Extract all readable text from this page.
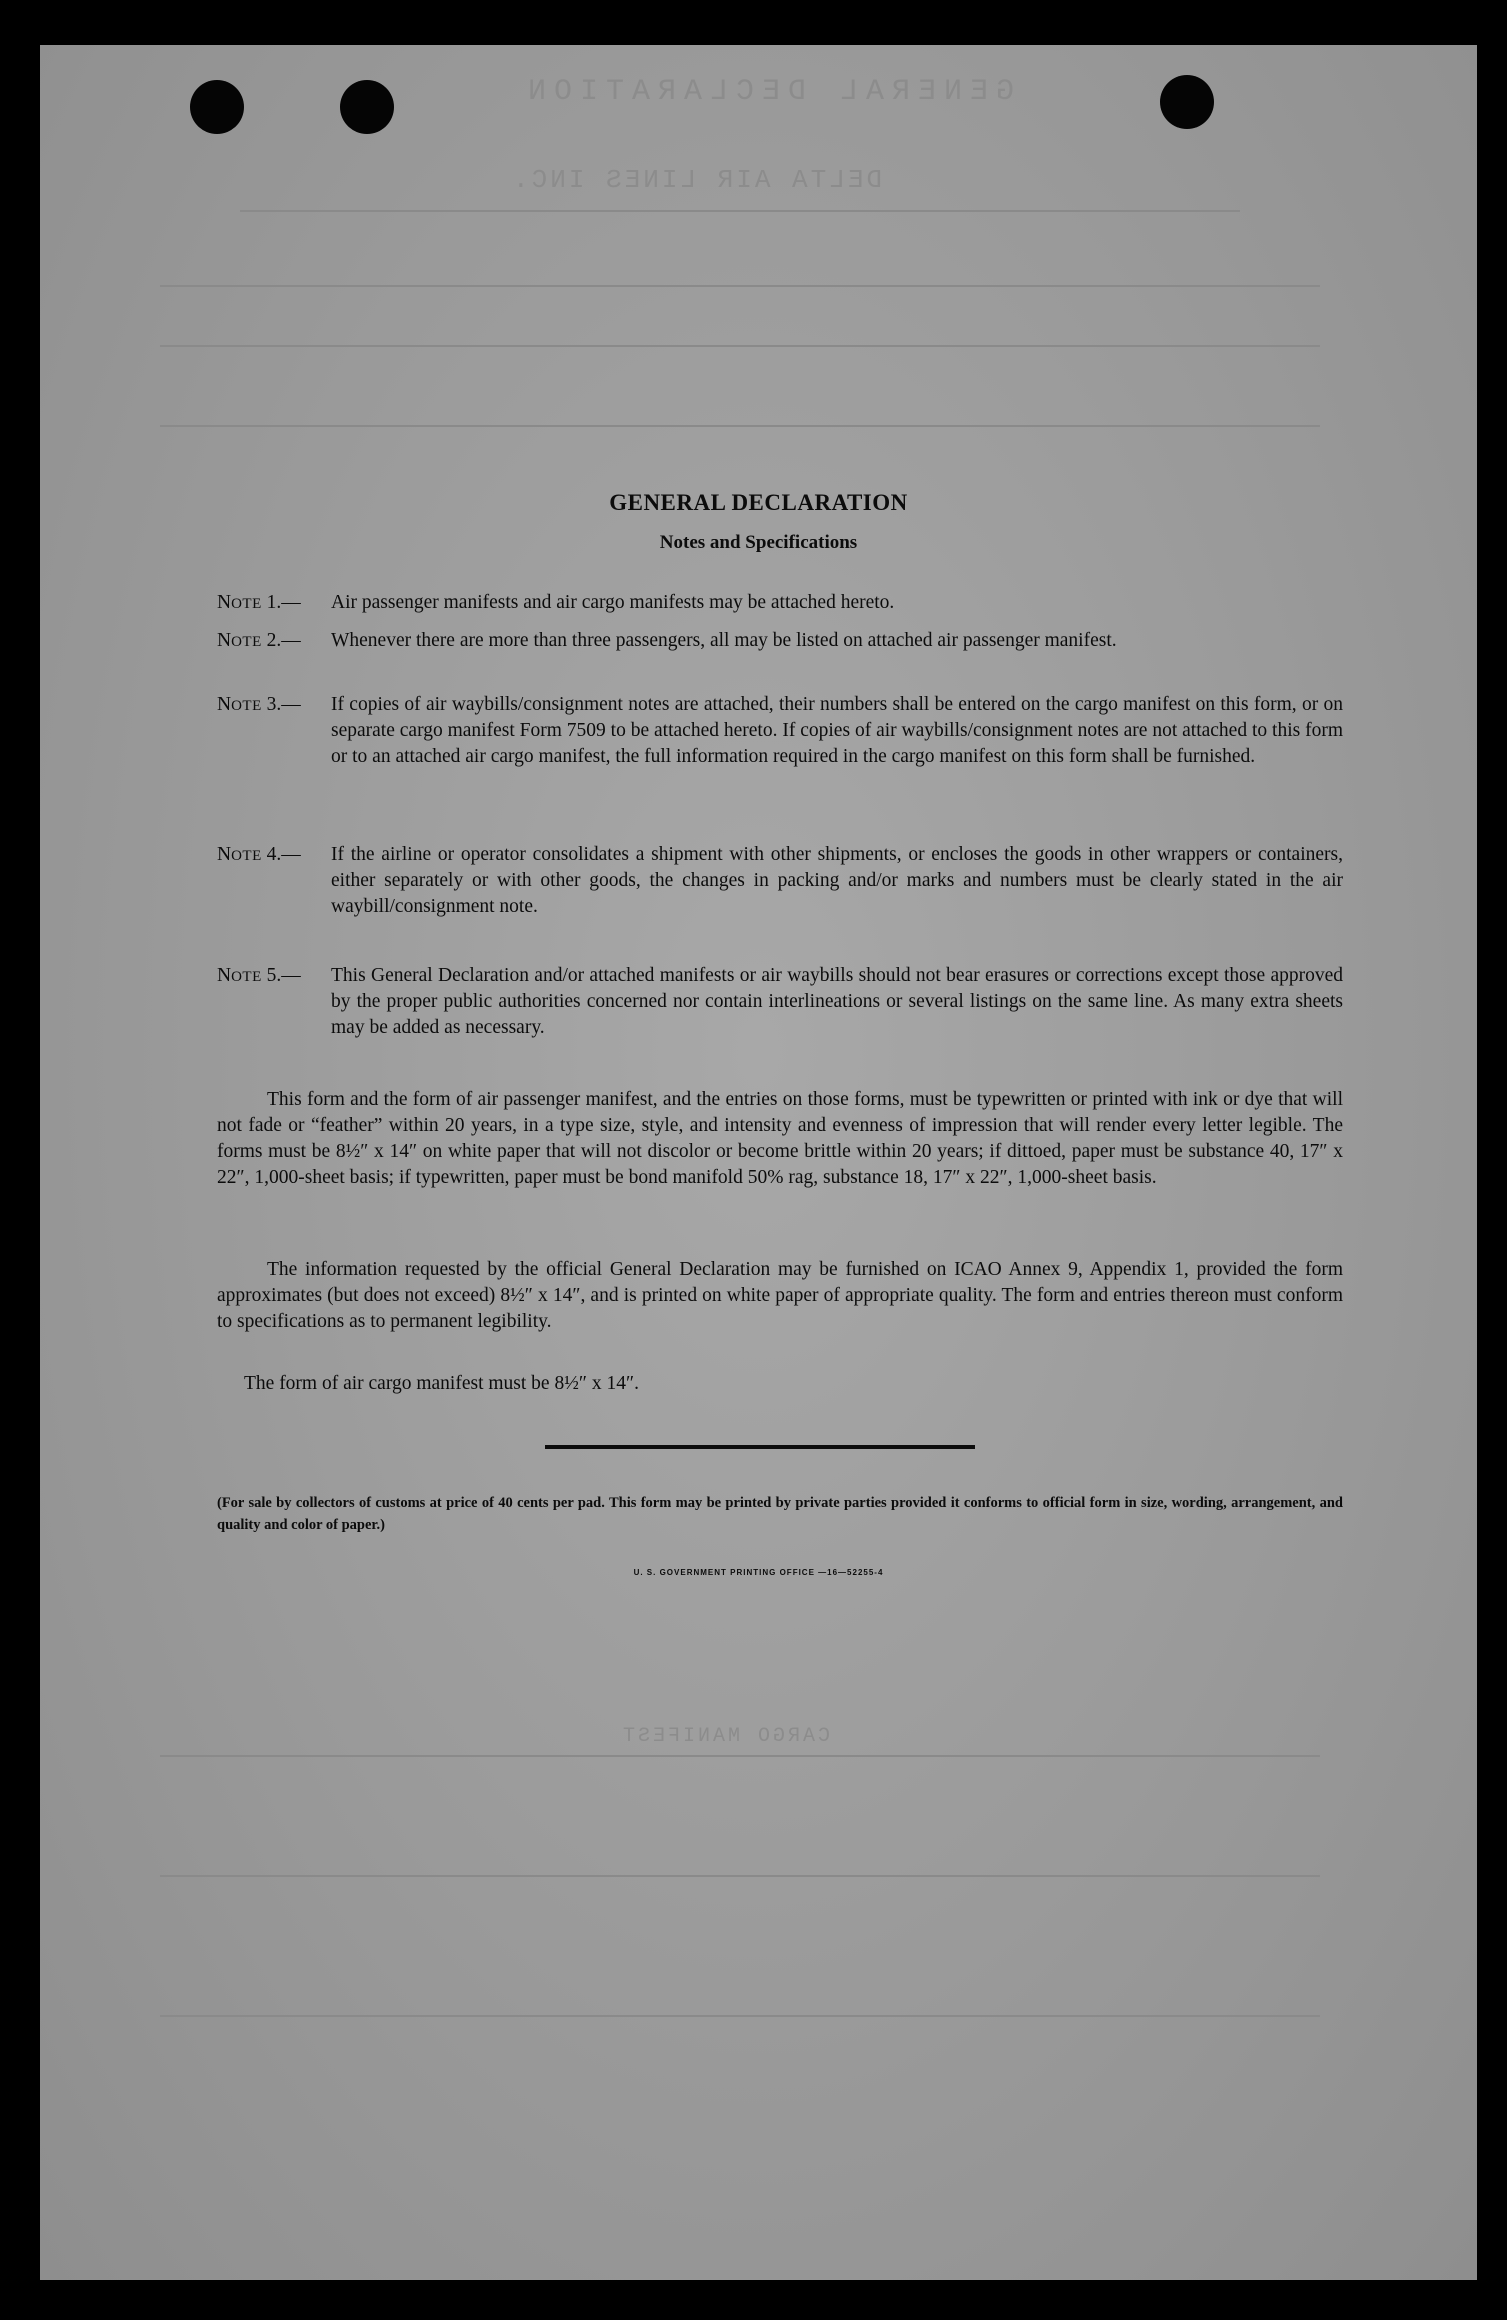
GENERAL DECLARATION
DELTA AIR LINES INC.
CARGO MANIFEST
GENERAL DECLARATION
Notes and Specifications
NOTE 1.—	Air passenger manifests and air cargo manifests may be attached hereto.
NOTE 2.—	Whenever there are more than three passengers, all may be listed on attached air passenger manifest.
NOTE 3.—	If copies of air waybills/consignment notes are attached, their numbers shall be entered on the cargo manifest on this form, or on separate cargo manifest Form 7509 to be attached hereto. If copies of air waybills/consignment notes are not attached to this form or to an attached air cargo manifest, the full information required in the cargo manifest on this form shall be furnished.
NOTE 4.—	If the airline or operator consolidates a shipment with other shipments, or encloses the goods in other wrappers or containers, either separately or with other goods, the changes in packing and/or marks and numbers must be clearly stated in the air waybill/consignment note.
NOTE 5.—	This General Declaration and/or attached manifests or air waybills should not bear erasures or corrections except those approved by the proper public authorities concerned nor contain interlineations or several listings on the same line. As many extra sheets may be added as necessary.
This form and the form of air passenger manifest, and the entries on those forms, must be typewritten or printed with ink or dye that will not fade or “feather” within 20 years, in a type size, style, and intensity and evenness of impression that will render every letter legible. The forms must be 8½″ x 14″ on white paper that will not discolor or become brittle within 20 years; if dittoed, paper must be substance 40, 17″ x 22″, 1,000-sheet basis; if typewritten, paper must be bond manifold 50% rag, substance 18, 17″ x 22″, 1,000-sheet basis.
The information requested by the official General Declaration may be furnished on ICAO Annex 9, Appendix 1, provided the form approximates (but does not exceed) 8½″ x 14″, and is printed on white paper of appropriate quality. The form and entries thereon must conform to specifications as to permanent legibility.
The form of air cargo manifest must be 8½″ x 14″.
(For sale by collectors of customs at price of 40 cents per pad. This form may be printed by private parties provided it conforms to official form in size, wording, arrangement, and quality and color of paper.)
U. S. GOVERNMENT PRINTING OFFICE —16—52255-4
